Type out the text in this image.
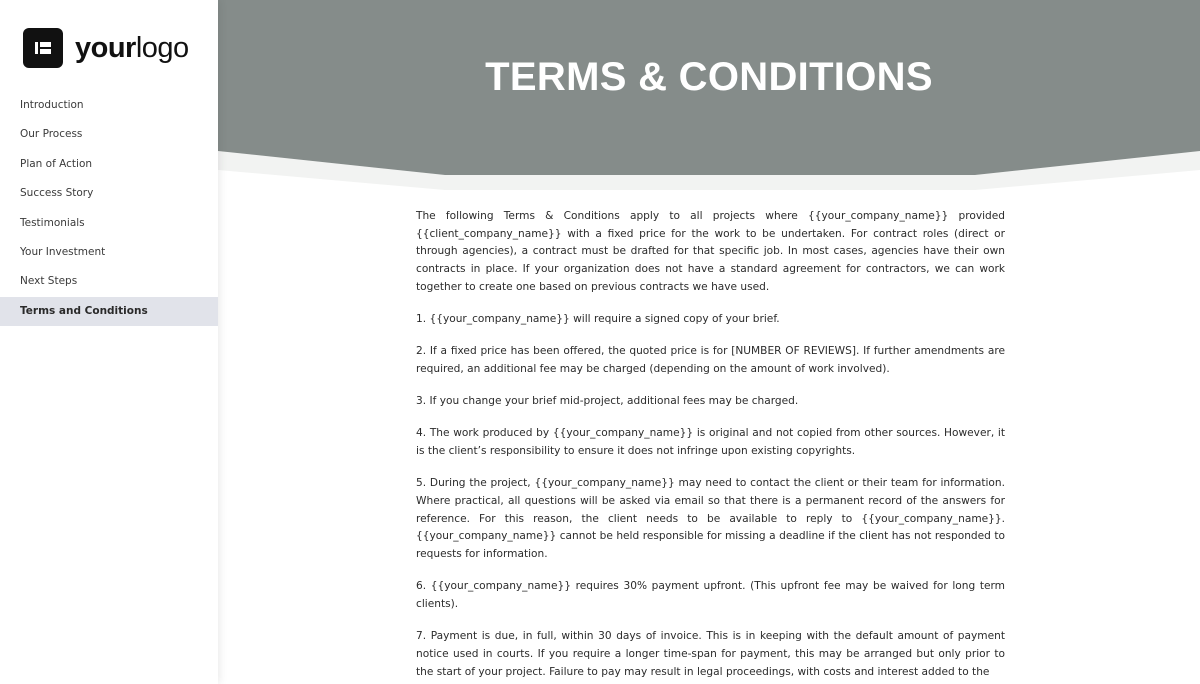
yourlogo
Introduction
Our Process
Plan of Action
Success Story
Testimonials
Your Investment
Next Steps
Terms and Conditions
TERMS & CONDITIONS

The following Terms & Conditions apply to all projects where {{your_company_name}} provided {{client_company_name}} with a fixed price for the work to be undertaken. For contract roles (direct or through agencies), a contract must be drafted for that specific job. In most cases, agencies have their own contracts in place. If your organization does not have a standard agreement for contractors, we can work together to create one based on previous contracts we have used.

1. {{your_company_name}} will require a signed copy of your brief.

2. If a fixed price has been offered, the quoted price is for [NUMBER OF REVIEWS]. If further amendments are required, an additional fee may be charged (depending on the amount of work involved).

3. If you change your brief mid-project, additional fees may be charged.

4. The work produced by {{your_company_name}} is original and not copied from other sources. However, it is the client’s responsibility to ensure it does not infringe upon existing copyrights.

5. During the project, {{your_company_name}} may need to contact the client or their team for information. Where practical, all questions will be asked via email so that there is a permanent record of the answers for reference. For this reason, the client needs to be available to reply to {{your_company_name}}. {{your_company_name}} cannot be held responsible for missing a deadline if the client has not responded to requests for information.

6. {{your_company_name}} requires 30% payment upfront. (This upfront fee may be waived for long term clients).

7. Payment is due, in full, within 30 days of invoice. This is in keeping with the default amount of payment notice used in courts. If you require a longer time-span for payment, this may be arranged but only prior to the start of your project. Failure to pay may result in legal proceedings, with costs and interest added to the
